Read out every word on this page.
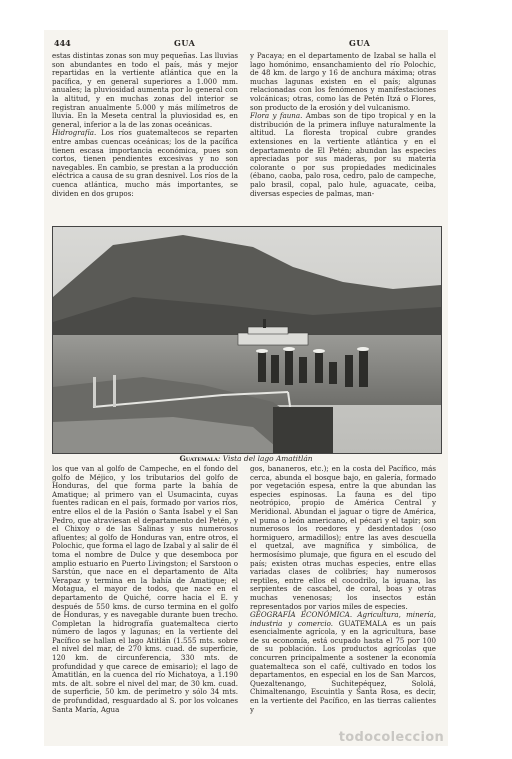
444	GUA	GUA

estas distintas zonas son muy pequeñas. Las lluvias son abundantes en todo el país, más y mejor repartidas en la vertiente atlántica que en la pacífica, y en general superiores a 1.000 mm. anuales; la pluviosidad aumenta por lo general con la altitud, y en muchas zonas del interior se registran anualmente 5.000 y más milímetros de lluvia. En la Meseta central la pluviosidad es, en general, inferior a la de las zonas oceánicas.

Hidrografía. Los ríos guatemaltecos se reparten entre ambas cuencas oceánicas; los de la pacífica tienen escasa importancia económica, pues son cortos, tienen pendientes excesivas y no son navegables. En cambio, se prestan a la producción eléctrica a causa de su gran desnivel. Los ríos de la cuenca atlántica, mucho más importantes, se dividen en dos grupos:

y Pacaya; en el departamento de Izabal se halla el lago homónimo, ensanchamiento del río Polochic, de 48 km. de largo y 16 de anchura máxima; otras muchas lagunas existen en el país; algunas relacionadas con los fenómenos y manifestaciones volcánicas; otras, como las de Petén Itzá o Flores, son producto de la erosión y del vulcanismo.

Flora y fauna. Ambas son de tipo tropical y en la distribución de la primera influye naturalmente la altitud. La floresta tropical cubre grandes extensiones en la vertiente atlántica y en el departamento de El Petén; abundan las especies apreciadas por sus maderas, por su materia colorante o por sus propiedades medicinales (ébano, caoba, palo rosa, cedro, palo de campeche, palo brasil, copal, palo hule, aguacate, ceiba, diversas especies de palmas, man-

Guatemala: Vista del lago Amatitlán

los que van al golfo de Campeche, en el fondo del golfo de Méjico, y los tributarios del golfo de Honduras, del que forma parte la bahía de Amatique; al primero van el Usumacinta, cuyas fuentes radican en el país, formado por varios ríos, entre ellos el de la Pasión o Santa Isabel y el San Pedro, que atraviesan el departamento del Petén, y el Chixoy o de las Salinas y sus numerosos afluentes; al golfo de Honduras van, entre otros, el Polochic, que forma el lago de Izabal y al salir de él toma el nombre de Dulce y que desemboca por amplio estuario en Puerto Livingston; el Sarstoon o Sarstún, que nace en el departamento de Alta Verapaz y termina en la bahía de Amatique; el Motagua, el mayor de todos, que nace en el departamento de Quiché, corre hacia el E. y después de 550 kms. de curso termina en el golfo de Honduras, y es navegable durante buen trecho. Completan la hidrografía guatemalteca cierto número de lagos y lagunas; en la vertiente del Pacífico se hallan el lago Atitlán (1.555 mts. sobre el nivel del mar, de 270 kms. cuad. de superficie, 120 km. de circunferencia, 330 mts. de profundidad y que carece de emisario); el lago de Amatitlán, en la cuenca del río Michatoya, a 1.190 mts. de alt. sobre el nivel del mar, de 30 km. cuad. de superficie, 50 km. de perímetro y sólo 34 mts. de profundidad, resguardado al S. por los volcanes Santa María, Agua

gos, bananeros, etc.); en la costa del Pacífico, más cerca, abunda el bosque bajo, en galería, formado por vegetación espesa, entre la que abundan las especies espinosas. La fauna es del tipo neotrópico, propio de América Central y Meridional. Abundan el jaguar o tigre de América, el puma o león americano, el pécari y el tapir; son numerosos los roedores y desdentados (oso hormiguero, armadillos); entre las aves descuella el quetzal, ave magnífica y simbólica, de hermosísimo plumaje, que figura en el escudo del país; existen otras muchas especies, entre ellas variadas clases de colibríes; hay numerosos reptiles, entre ellos el cocodrilo, la iguana, las serpientes de cascabel, de coral, boas y otras muchas venenosas; los insectos están representados por varios miles de especies.

GEOGRAFÍA ECONÓMICA. Agricultura, minería, industria y comercio. GUATEMALA es un país esencialmente agrícola, y en la agricultura, base de su economía, está ocupado hasta el 75 por 100 de su población. Los productos agrícolas que concurren principalmente a sostener la economía guatemalteca son el café, cultivado en todos los departamentos, en especial en los de San Marcos, Quezaltenango, Suchitepéquez, Sololá, Chimaltenango, Escuintla y Santa Rosa, es decir, en la vertiente del Pacífico, en las tierras calientes y

todocoleccion
